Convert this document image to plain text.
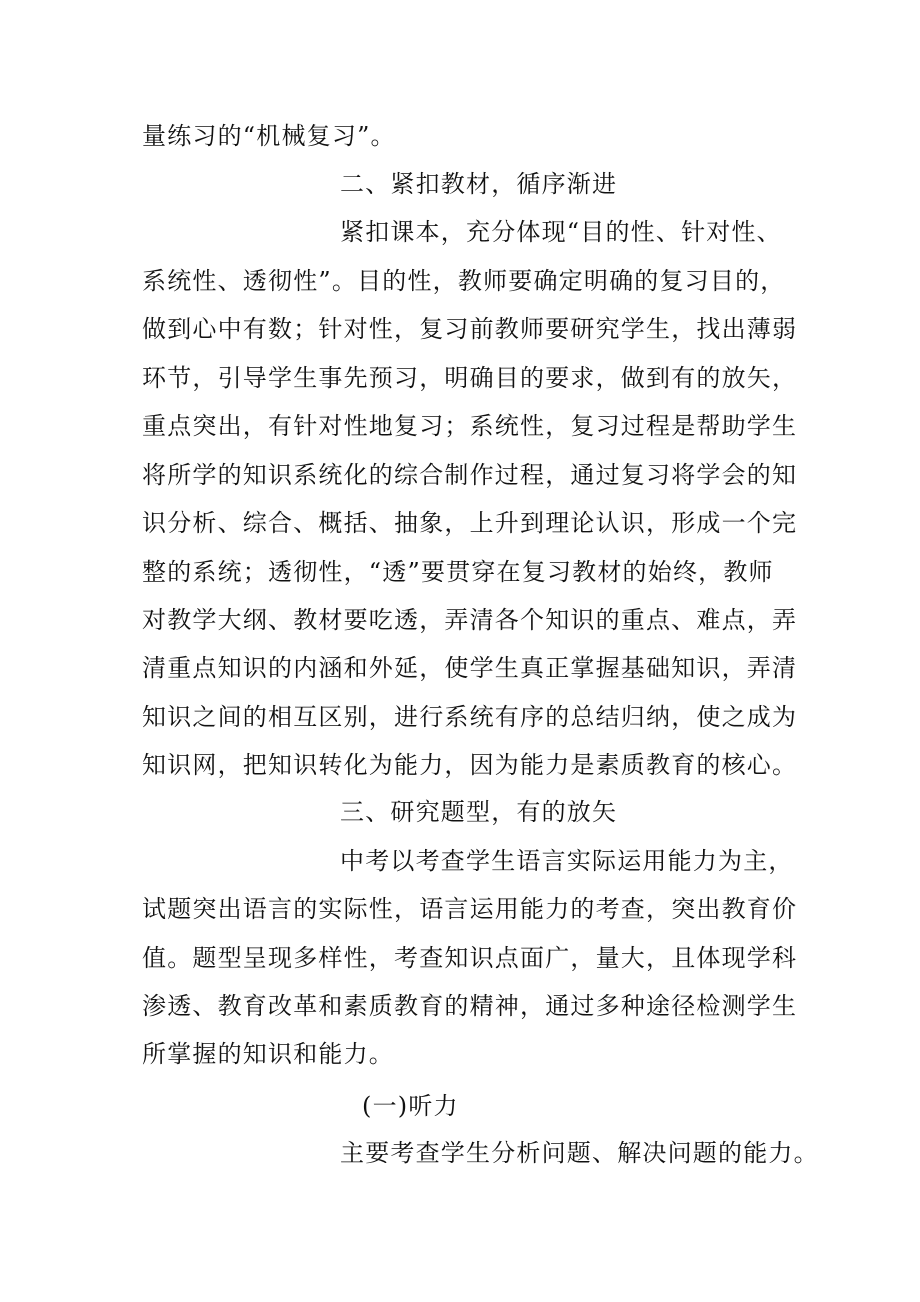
量练习的“机械复习”。
二、紧扣教材，循序渐进
紧扣课本，充分体现“目的性、针对性、
系统性、透彻性”。目的性，教师要确定明确的复习目的，
做到心中有数；针对性，复习前教师要研究学生，找出薄弱
环节，引导学生事先预习，明确目的要求，做到有的放矢，
重点突出，有针对性地复习；系统性，复习过程是帮助学生
将所学的知识系统化的综合制作过程，通过复习将学会的知
识分析、综合、概括、抽象，上升到理论认识，形成一个完
整的系统；透彻性，“透”要贯穿在复习教材的始终，教师
对教学大纲、教材要吃透，弄清各个知识的重点、难点，弄
清重点知识的内涵和外延，使学生真正掌握基础知识，弄清
知识之间的相互区别，进行系统有序的总结归纳，使之成为
知识网，把知识转化为能力，因为能力是素质教育的核心。
三、研究题型，有的放矢
中考以考查学生语言实际运用能力为主，
试题突出语言的实际性，语言运用能力的考查，突出教育价
值。题型呈现多样性，考查知识点面广，量大，且体现学科
渗透、教育改革和素质教育的精神，通过多种途径检测学生
所掌握的知识和能力。
(一)听力
主要考查学生分析问题、解决问题的能力。
